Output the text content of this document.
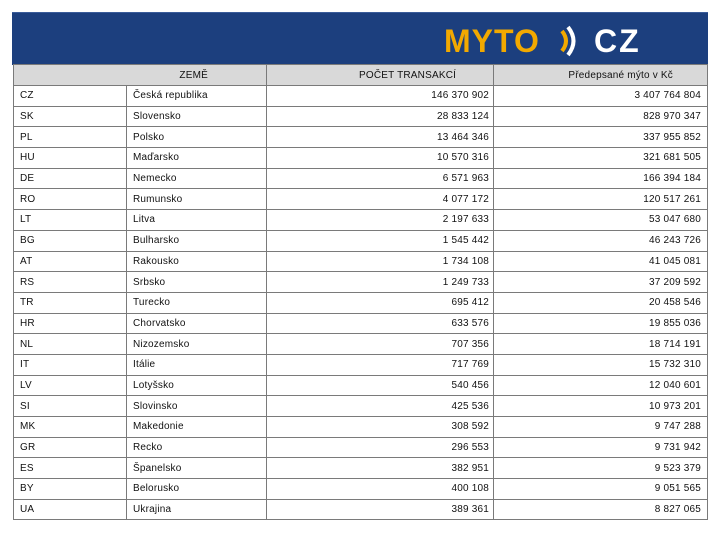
MYTO CZ
ZEMĚ		POČET TRANSAKCÍ	Předepsané mýto v Kč
CZ	Česká republika	146 370 902	3 407 764 804
SK	Slovensko	28 833 124	828 970 347
PL	Polsko	13 464 346	337 955 852
HU	Maďarsko	10 570 316	321 681 505
DE	Nemecko	6 571 963	166 394 184
RO	Rumunsko	4 077 172	120 517 261
LT	Litva	2 197 633	53 047 680
BG	Bulharsko	1 545 442	46 243 726
AT	Rakousko	1 734 108	41 045 081
RS	Srbsko	1 249 733	37 209 592
TR	Turecko	695 412	20 458 546
HR	Chorvatsko	633 576	19 855 036
NL	Nizozemsko	707 356	18 714 191
IT	Itálie	717 769	15 732 310
LV	Lotyšsko	540 456	12 040 601
SI	Slovinsko	425 536	10 973 201
MK	Makedonie	308 592	9 747 288
GR	Recko	296 553	9 731 942
ES	Španelsko	382 951	9 523 379
BY	Belorusko	400 108	9 051 565
UA	Ukrajina	389 361	8 827 065
